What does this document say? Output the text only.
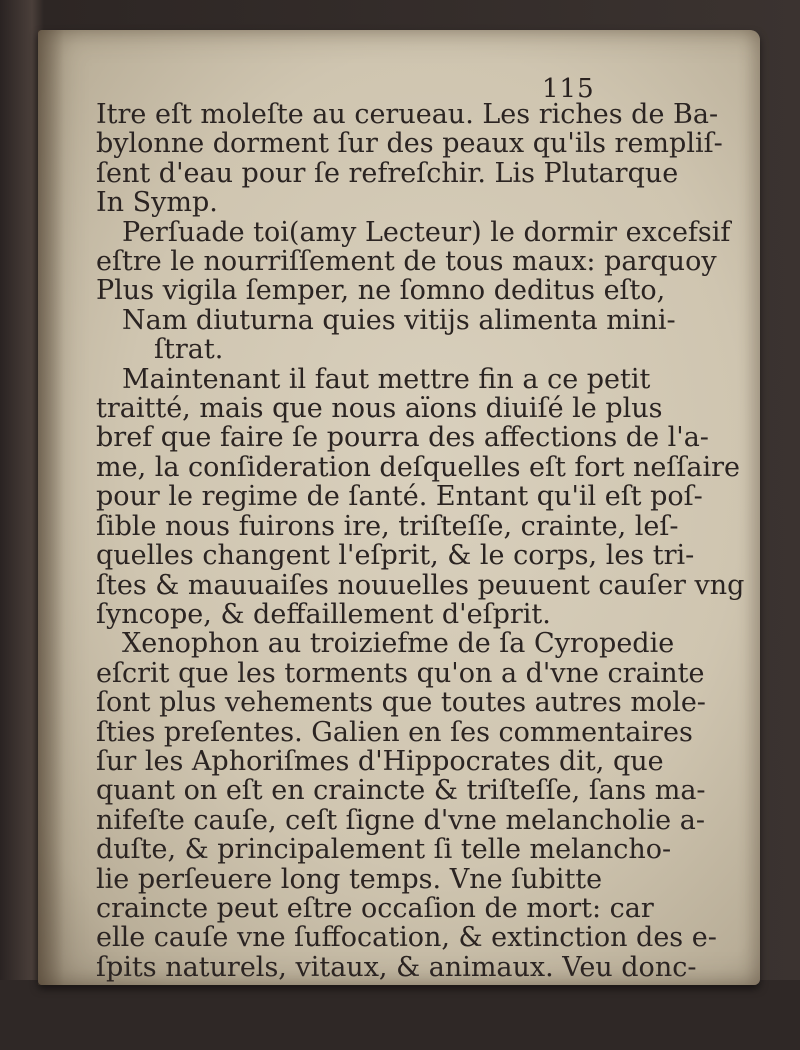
115
Itre eſt moleſte au cerueau. Les riches de Ba-
bylonne dorment ſur des peaux qu'ils rempliſ-
ſent d'eau pour ſe refreſchir. Lis Plutarque
In Symp.
Perſuade toi(amy Lecteur) le dormir excefsif
eſtre le nourriſſement de tous maux: parquoy
Plus vigila ſemper, ne ſomno deditus eſto,
Nam diuturna quies vitijs alimenta mini-
ſtrat.
Maintenant il faut mettre fin a ce petit
traitté, mais que nous aïons diuiſé le plus
bref que faire ſe pourra des affections de l'a-
me, la conſideration deſquelles eſt fort neſſaire
pour le regime de ſanté. Entant qu'il eſt poſ-
ſible nous fuirons ire, triſteſſe, crainte, leſ-
quelles changent l'eſprit, & le corps, les tri-
ſtes & mauuaiſes nouuelles peuuent cauſer vng
ſyncope, & deffaillement d'eſprit.
Xenophon au troiziefme de ſa Cyropedie
eſcrit que les torments qu'on a d'vne crainte
ſont plus vehements que toutes autres mole-
ſties preſentes. Galien en ſes commentaires
ſur les Aphoriſmes d'Hippocrates dit, que
quant on eſt en craincte & triſteſſe, ſans ma-
nifeſte cauſe, ceſt ſigne d'vne melancholie a-
duſte, & principalement ſi telle melancho-
lie perſeuere long temps. Vne ſubitte
craincte peut eſtre occaſion de mort: car
elle cauſe vne ſuffocation, & extinction des e-
ſpits naturels, vitaux, & animaux. Veu donc-
